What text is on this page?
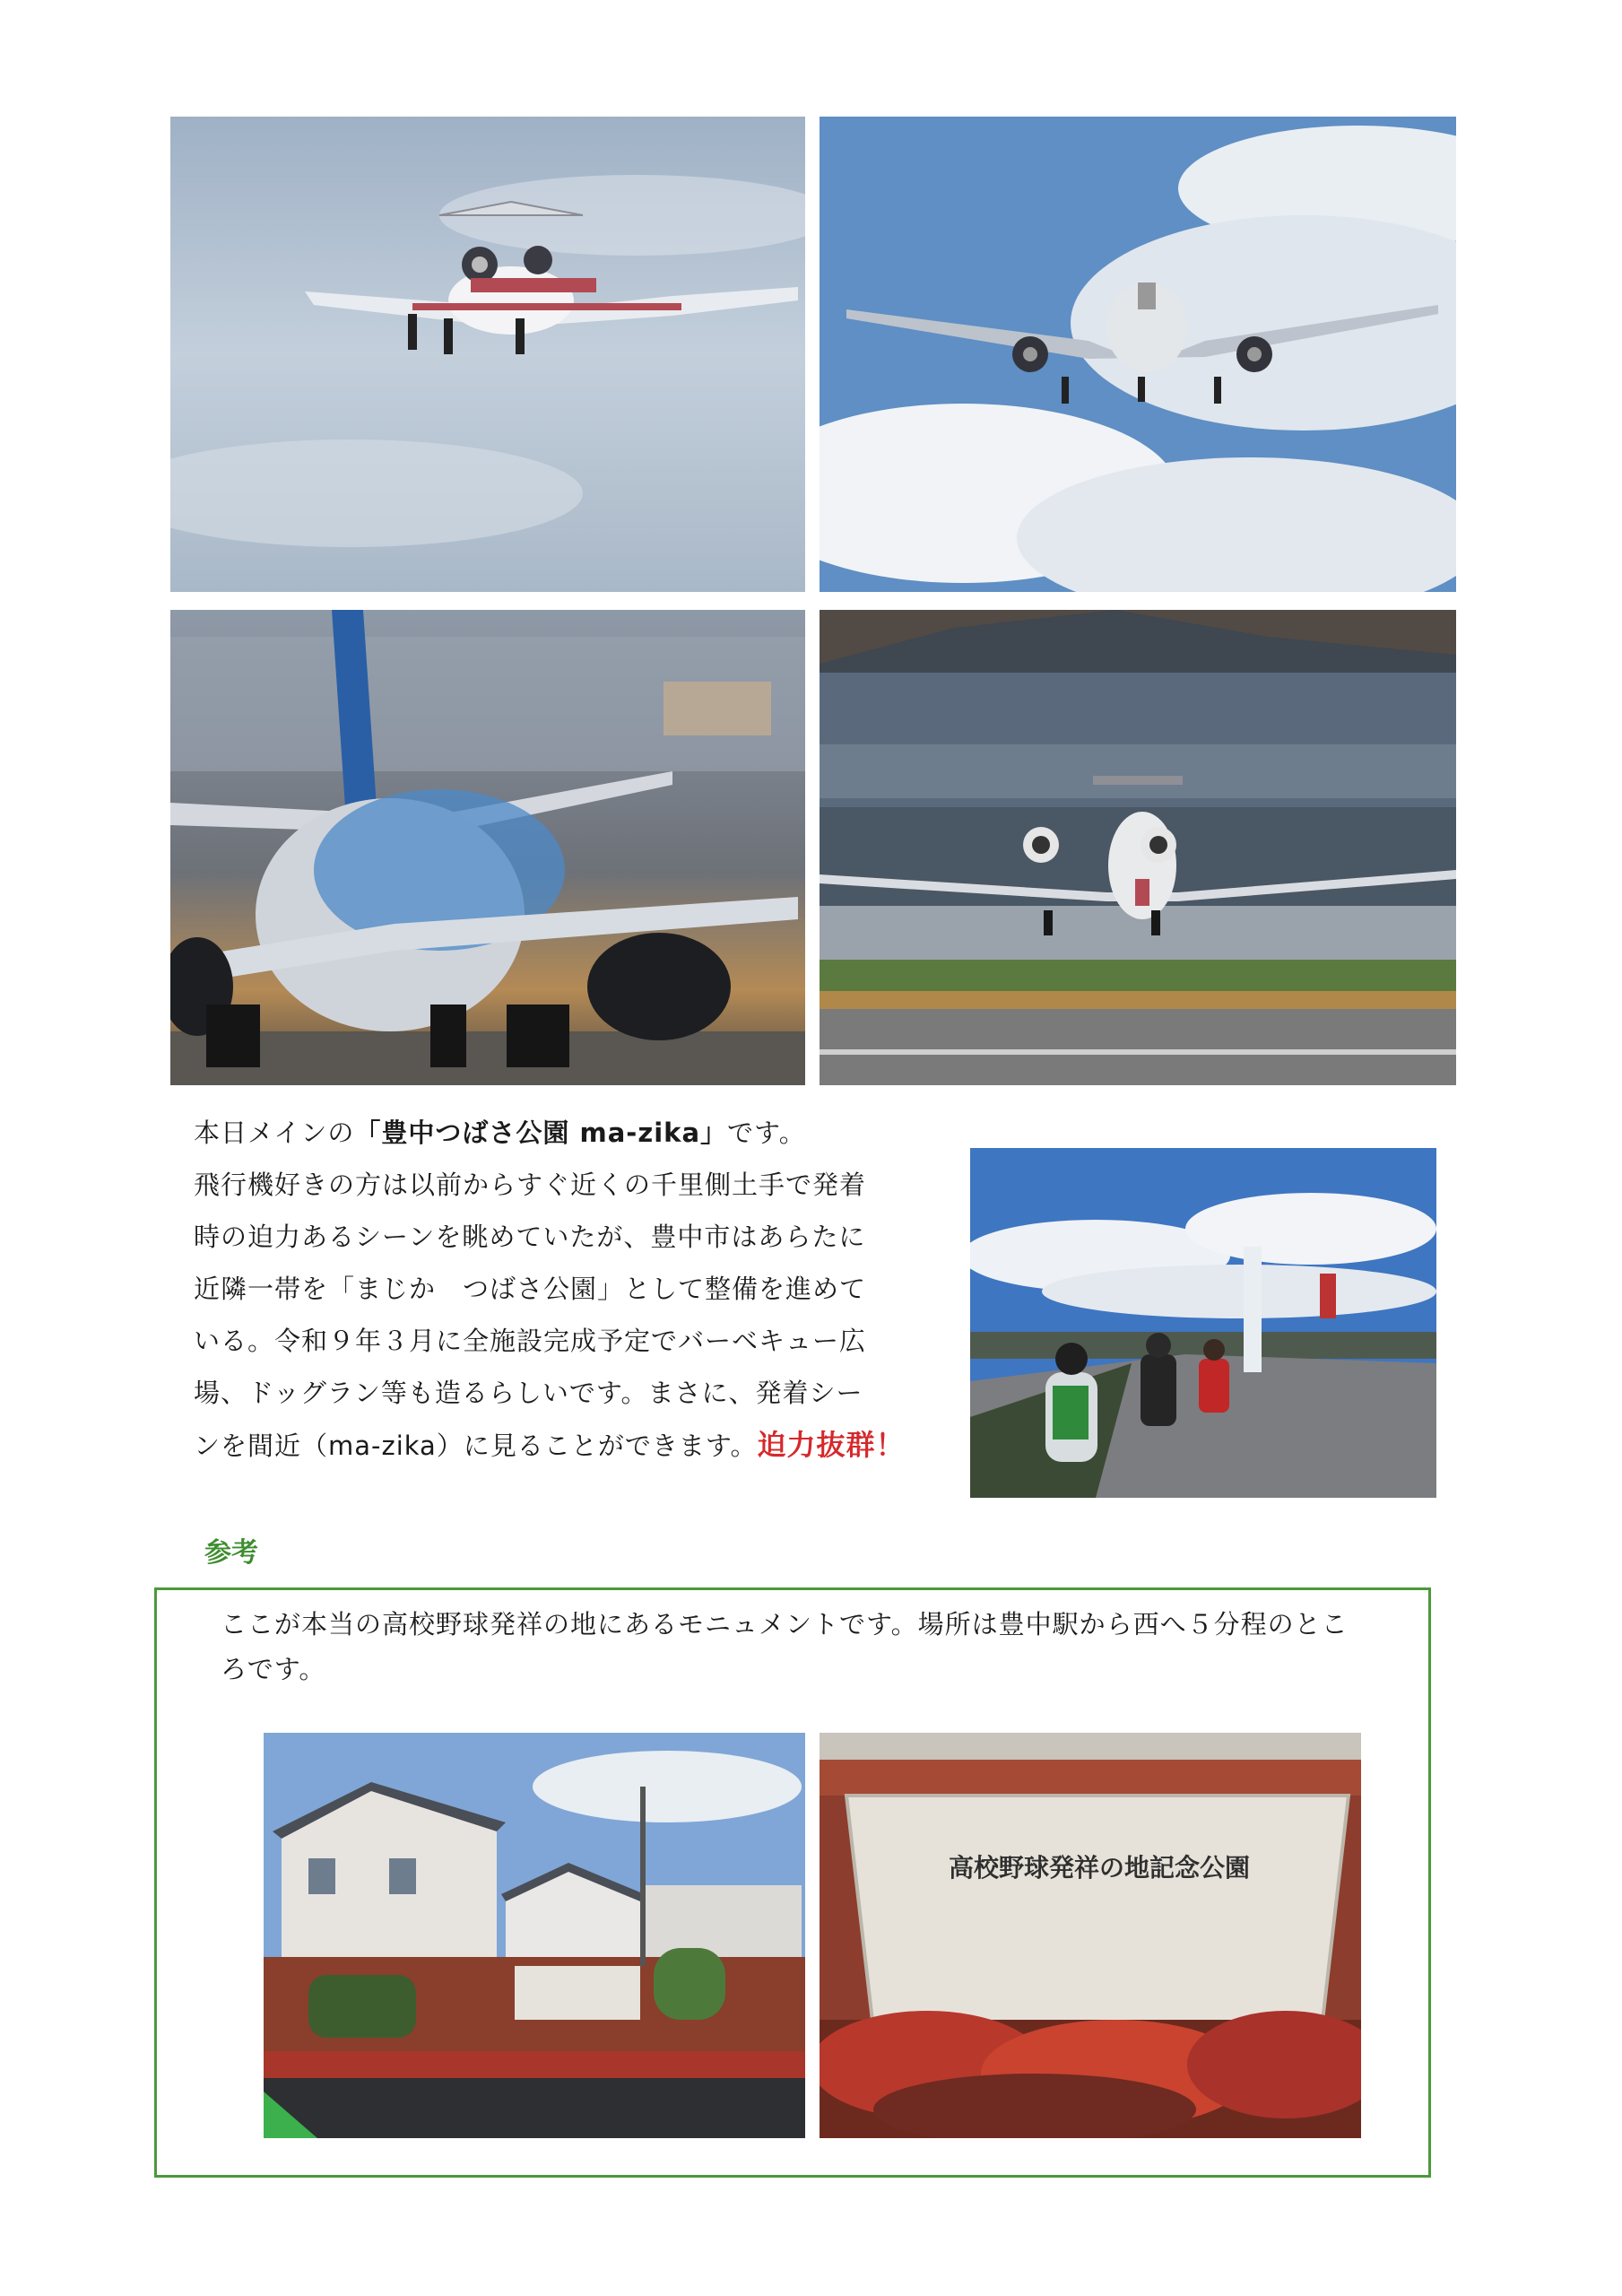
本日メインの「豊中つばさ公園 ma-zika」です。

飛行機好きの方は以前からすぐ近くの千里側土手で発着

時の迫力あるシーンを眺めていたが、豊中市はあらたに

近隣一帯を「まじか　つばさ公園」として整備を進めて

いる。令和９年３月に全施設完成予定でバーベキュー広

場、ドッグラン等も造るらしいです。まさに、発着シー

ンを間近（ma-zika）に見ることができます。迫力抜群！

参考
ここが本当の高校野球発祥の地にあるモニュメントです。場所は豊中駅から西へ５分程のとこ
ろです。
高校野球発祥の地記念公園
